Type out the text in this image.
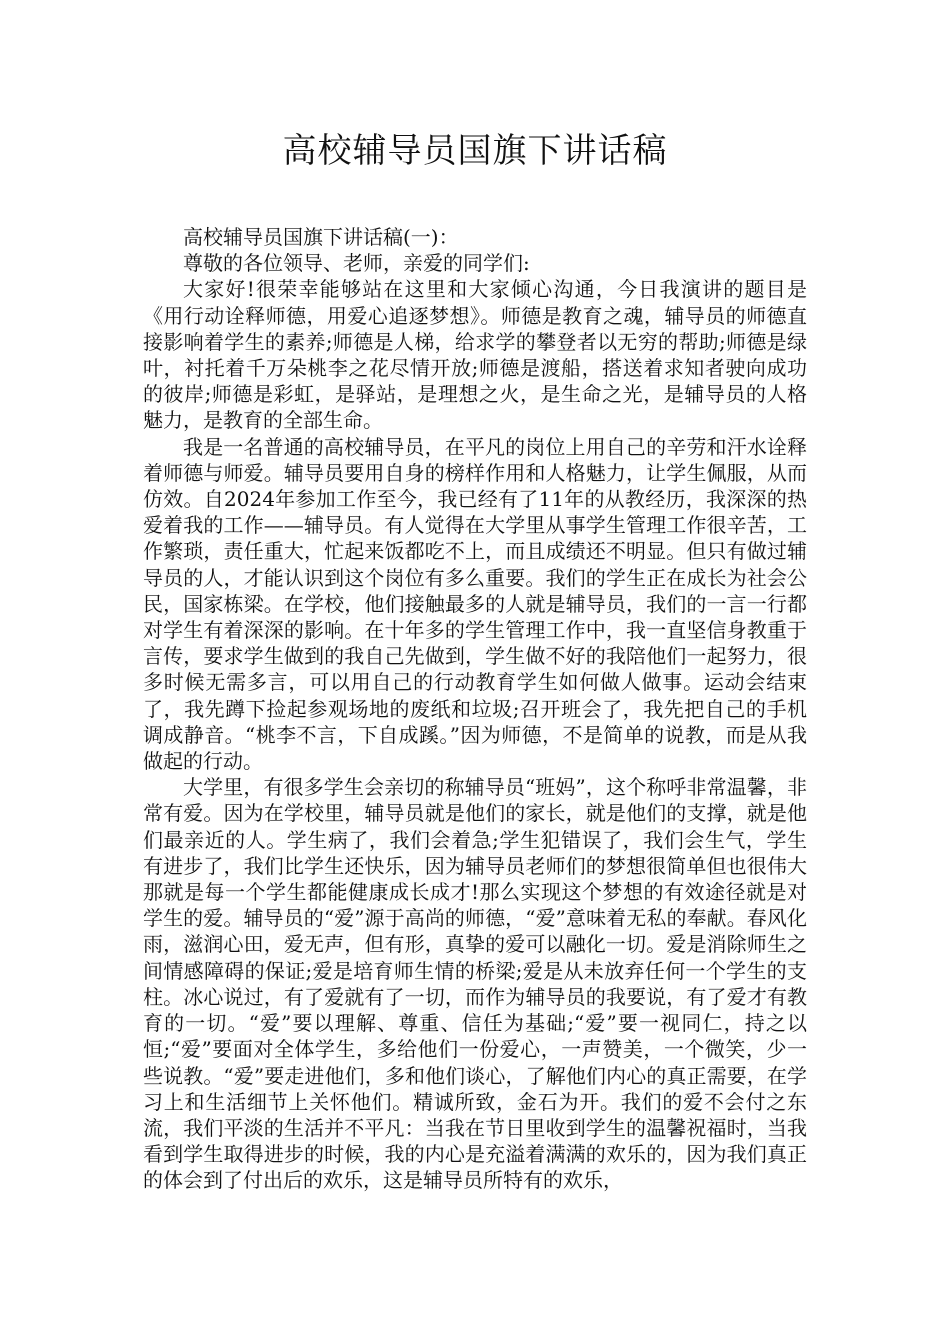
高校辅导员国旗下讲话稿

高校辅导员国旗下讲话稿(一)：

尊敬的各位领导、老师，亲爱的同学们:

大家好!很荣幸能够站在这里和大家倾心沟通，今日我演讲的题目是《用行动诠释师德，用爱心追逐梦想》。师德是教育之魂，辅导员的师德直接影响着学生的素养;师德是人梯，给求学的攀登者以无穷的帮助;师德是绿叶，衬托着千万朵桃李之花尽情开放;师德是渡船，搭送着求知者驶向成功的彼岸;师德是彩虹，是驿站，是理想之火，是生命之光，是辅导员的人格魅力，是教育的全部生命。

我是一名普通的高校辅导员，在平凡的岗位上用自己的辛劳和汗水诠释着师德与师爱。辅导员要用自身的榜样作用和人格魅力，让学生佩服，从而仿效。自2024年参加工作至今，我已经有了11年的从教经历，我深深的热爱着我的工作——辅导员。有人觉得在大学里从事学生管理工作很辛苦，工作繁琐，责任重大，忙起来饭都吃不上，而且成绩还不明显。但只有做过辅导员的人，才能认识到这个岗位有多么重要。我们的学生正在成长为社会公民，国家栋梁。在学校，他们接触最多的人就是辅导员，我们的一言一行都对学生有着深深的影响。在十年多的学生管理工作中，我一直坚信身教重于言传，要求学生做到的我自己先做到，学生做不好的我陪他们一起努力，很多时候无需多言，可以用自己的行动教育学生如何做人做事。运动会结束了，我先蹲下捡起参观场地的废纸和垃圾;召开班会了，我先把自己的手机调成静音。“桃李不言，下自成蹊。”因为师德，不是简单的说教，而是从我做起的行动。

大学里，有很多学生会亲切的称辅导员“班妈”，这个称呼非常温馨，非常有爱。因为在学校里，辅导员就是他们的家长，就是他们的支撑，就是他们最亲近的人。学生病了，我们会着急;学生犯错误了，我们会生气，学生有进步了，我们比学生还快乐，因为辅导员老师们的梦想很简单但也很伟大那就是每一个学生都能健康成长成才!那么实现这个梦想的有效途径就是对学生的爱。辅导员的“爱”源于高尚的师德，“爱”意味着无私的奉献。春风化雨，滋润心田，爱无声，但有形，真挚的爱可以融化一切。爱是消除师生之间情感障碍的保证;爱是培育师生情的桥梁;爱是从未放弃任何一个学生的支柱。冰心说过，有了爱就有了一切，而作为辅导员的我要说，有了爱才有教育的一切。“爱”要以理解、尊重、信任为基础;“爱”要一视同仁，持之以恒;“爱”要面对全体学生，多给他们一份爱心，一声赞美，一个微笑，少一些说教。“爱”要走进他们，多和他们谈心，了解他们内心的真正需要，在学习上和生活细节上关怀他们。精诚所致，金石为开。我们的爱不会付之东流，我们平淡的生活并不平凡：当我在节日里收到学生的温馨祝福时，当我看到学生取得进步的时候，我的内心是充溢着满满的欢乐的，因为我们真正的体会到了付出后的欢乐，这是辅导员所特有的欢乐，
